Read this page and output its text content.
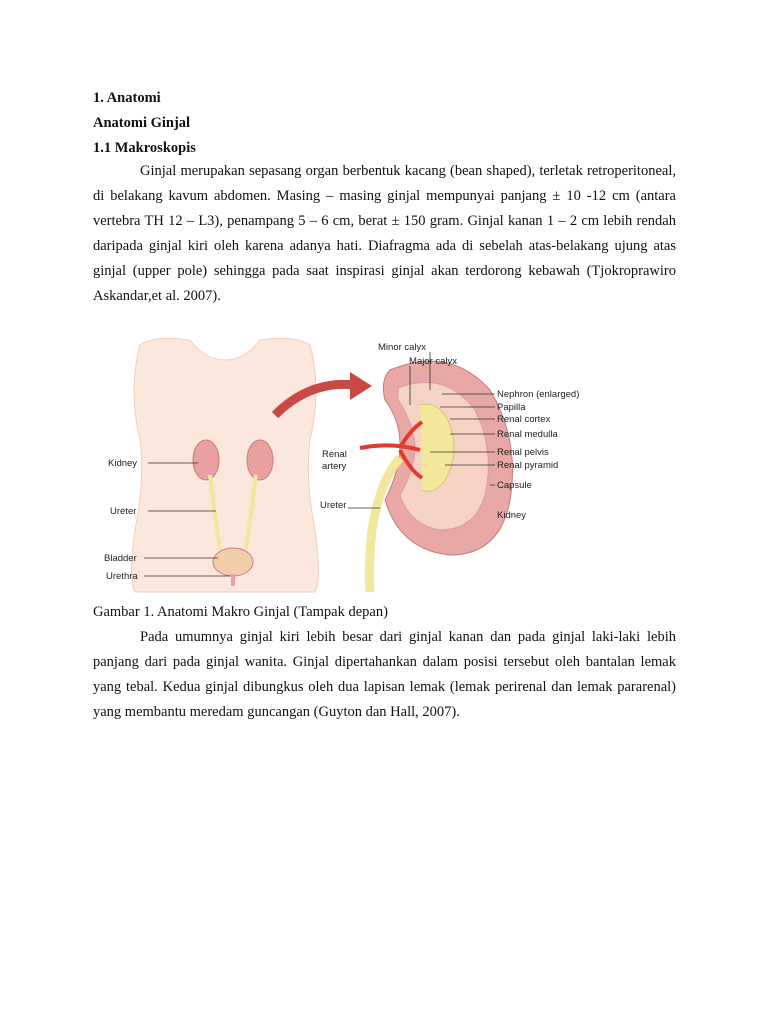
1. Anatomi
Anatomi Ginjal
1.1 Makroskopis

Ginjal merupakan sepasang organ berbentuk kacang (bean shaped), terletak retroperitoneal, di belakang kavum abdomen. Masing – masing ginjal mempunyai panjang ± 10 -12 cm (antara vertebra TH 12 – L3), penampang 5 – 6 cm, berat ± 150 gram. Ginjal kanan 1 – 2 cm lebih rendah daripada ginjal kiri oleh karena adanya hati. Diafragma ada di sebelah atas-belakang ujung atas ginjal (upper pole) sehingga pada saat inspirasi ginjal akan terdorong kebawah (Tjokroprawiro Askandar,et al. 2007).

Kidney
Ureter
Bladder
Urethra
Minor calyx
Major calyx
Renal
artery
Ureter
Nephron (enlarged)
Papilla
Renal cortex
Renal medulla
Renal pelvis
Renal pyramid
Capsule
Kidney
Gambar 1. Anatomi Makro Ginjal (Tampak depan)

Pada umumnya ginjal kiri lebih besar dari ginjal kanan dan pada ginjal laki-laki lebih panjang dari pada ginjal wanita. Ginjal dipertahankan dalam posisi tersebut oleh bantalan lemak yang tebal. Kedua ginjal dibungkus oleh dua lapisan lemak (lemak perirenal dan lemak pararenal) yang membantu meredam guncangan (Guyton dan Hall, 2007).
